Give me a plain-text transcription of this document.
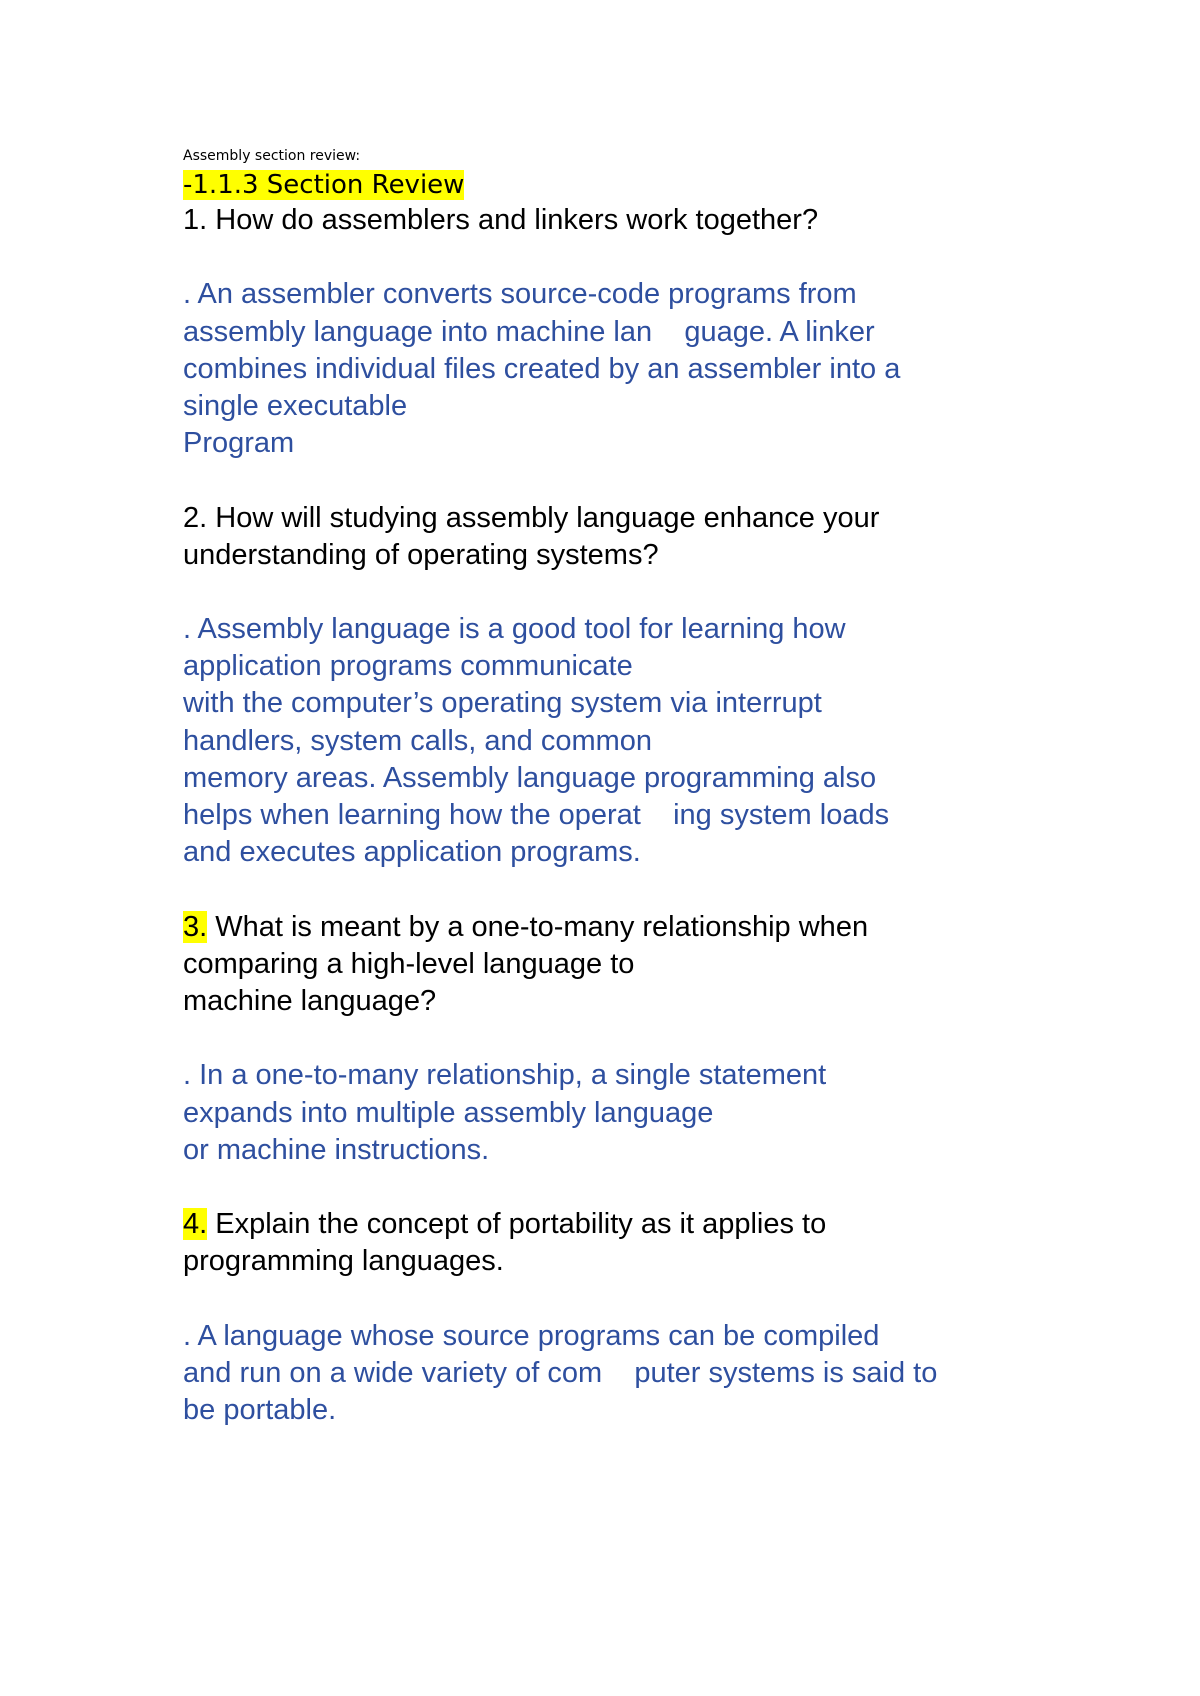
Assembly section review:
-1.1.3 Section Review
1. How do assemblers and linkers work together?
. An assembler converts source-code programs from
assembly language into machine lan    guage. A linker
combines individual files created by an assembler into a
single executable
Program
2. How will studying assembly language enhance your
understanding of operating systems?
. Assembly language is a good tool for learning how
application programs communicate
with the computer’s operating system via interrupt
handlers, system calls, and common
memory areas. Assembly language programming also
helps when learning how the operat    ing system loads
and executes application programs.
3. What is meant by a one-to-many relationship when
comparing a high-level language to
machine language?
. In a one-to-many relationship, a single statement
expands into multiple assembly language
or machine instructions.
4. Explain the concept of portability as it applies to
programming languages.
. A language whose source programs can be compiled
and run on a wide variety of com    puter systems is said to
be portable.
